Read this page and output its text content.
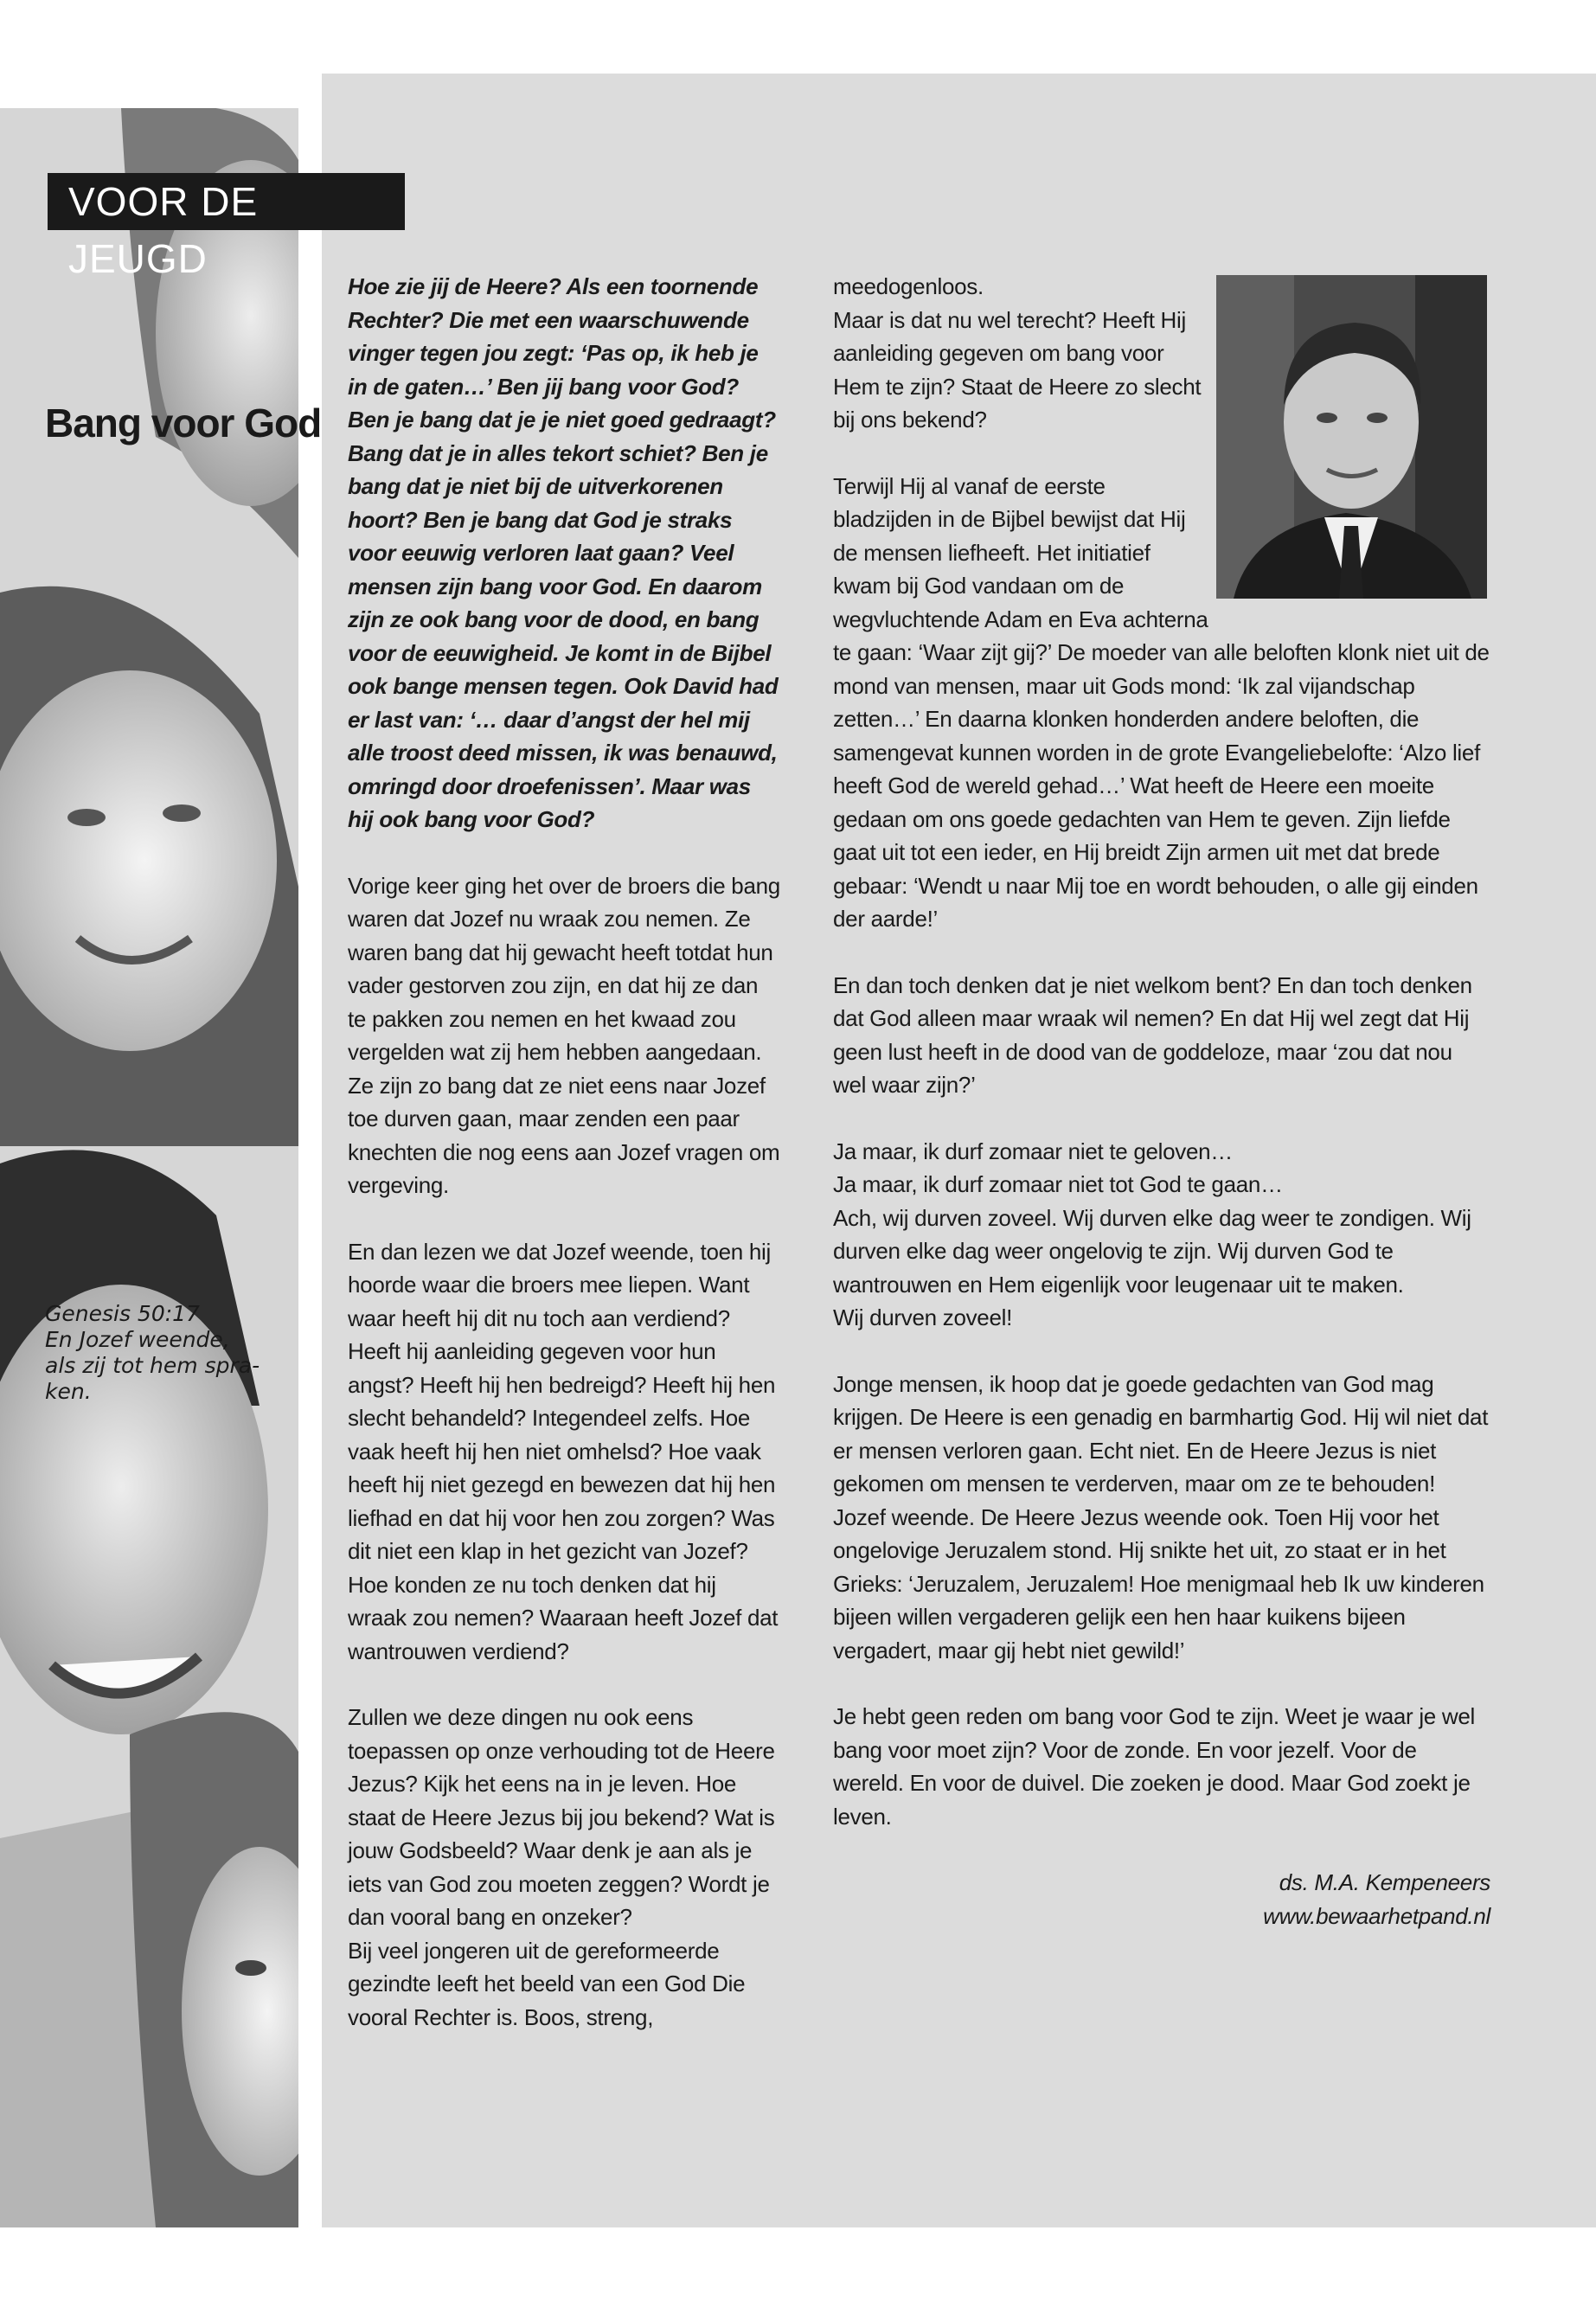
VOOR DE JEUGD
Bang voor God

Genesis 50:17

En Jozef weende,

als zij tot hem spra-

ken.

Hoe zie jij de Heere? Als een toornende Rechter? Die met een waarschuwende vinger tegen jou zegt: ‘Pas op, ik heb je in de gaten…’ Ben jij bang voor God? Ben je bang dat je je niet goed gedraagt? Bang dat je in alles tekort schiet? Ben je bang dat je niet bij de uitverkorenen hoort? Ben je bang dat God je straks voor eeuwig verloren laat gaan? Veel mensen zijn bang voor God. En daarom zijn ze ook bang voor de dood, en bang voor de eeuwigheid. Je komt in de Bijbel ook bange mensen tegen. Ook David had er last van: ‘… daar d’angst der hel mij alle troost deed missen, ik was benauwd, omringd door droefenissen’. Maar was hij ook bang voor God?

Vorige keer ging het over de broers die bang waren dat Jozef nu wraak zou nemen. Ze waren bang dat hij gewacht heeft totdat hun vader gestorven zou zijn, en dat hij ze dan te pakken zou nemen en het kwaad zou vergelden wat zij hem hebben aangedaan. Ze zijn zo bang dat ze niet eens naar Jozef toe durven gaan, maar zenden een paar knechten die nog eens aan Jozef vragen om vergeving.

En dan lezen we dat Jozef weende, toen hij hoorde waar die broers mee liepen. Want waar heeft hij dit nu toch aan verdiend? Heeft hij aanleiding gegeven voor hun angst? Heeft hij hen bedreigd? Heeft hij hen slecht behandeld? Integendeel zelfs. Hoe vaak heeft hij hen niet omhelsd? Hoe vaak heeft hij niet gezegd en bewezen dat hij hen liefhad en dat hij voor hen zou zorgen? Was dit niet een klap in het gezicht van Jozef? Hoe konden ze nu toch denken dat hij wraak zou nemen? Waaraan heeft Jozef dat wantrouwen verdiend?

Zullen we deze dingen nu ook eens toepassen op onze verhouding tot de Heere Jezus? Kijk het eens na in je leven. Hoe staat de Heere Jezus bij jou bekend? Wat is jouw Godsbeeld? Waar denk je aan als je iets van God zou moeten zeggen? Wordt je dan vooral bang en onzeker?

Bij veel jongeren uit de gereformeerde gezindte leeft het beeld van een God Die vooral Rechter is. Boos, streng,

meedogenloos.

Maar is dat nu wel terecht? Heeft Hij aanleiding gegeven om bang voor Hem te zijn? Staat de Heere zo slecht bij ons bekend?

Terwijl Hij al vanaf de eerste bladzijden in de Bijbel bewijst dat Hij de mensen liefheeft. Het initiatief kwam bij God vandaan om de wegvluchtende Adam en Eva achterna te gaan: ‘Waar zijt gij?’ De moeder van alle beloften klonk niet uit de mond van mensen, maar uit Gods mond: ‘Ik zal vijandschap zetten…’ En daarna klonken honderden andere beloften, die samengevat kunnen worden in de grote Evangeliebelofte: ‘Alzo lief heeft God de wereld gehad…’ Wat heeft de Heere een moeite gedaan om ons goede gedachten van Hem te geven. Zijn liefde gaat uit tot een ieder, en Hij breidt Zijn armen uit met dat brede gebaar: ‘Wendt u naar Mij toe en wordt behouden, o alle gij einden der aarde!’

En dan toch denken dat je niet welkom bent? En dan toch denken dat God alleen maar wraak wil nemen? En dat Hij wel zegt dat Hij geen lust heeft in de dood van de goddeloze, maar ‘zou dat nou wel waar zijn?’

Ja maar, ik durf zomaar niet te geloven…

Ja maar, ik durf zomaar niet tot God te gaan…

Ach, wij durven zoveel. Wij durven elke dag weer te zondigen. Wij durven elke dag weer ongelovig te zijn. Wij durven God te wantrouwen en Hem eigenlijk voor leugenaar uit te maken.

Wij durven zoveel!

Jonge mensen, ik hoop dat je goede gedachten van God mag krijgen. De Heere is een genadig en barmhartig God. Hij wil niet dat er mensen verloren gaan. Echt niet. En de Heere Jezus is niet gekomen om mensen te verderven, maar om ze te behouden!

Jozef weende. De Heere Jezus weende ook. Toen Hij voor het ongelovige Jeruzalem stond. Hij snikte het uit, zo staat er in het Grieks: ‘Jeruzalem, Jeruzalem! Hoe menigmaal heb Ik uw kinderen bijeen willen vergaderen gelijk een hen haar kuikens bijeen vergadert, maar gij hebt niet gewild!’

Je hebt geen reden om bang voor God te zijn. Weet je waar je wel bang voor moet zijn? Voor de zonde. En voor jezelf. Voor de wereld. En voor de duivel. Die zoeken je dood. Maar God zoekt je leven.

ds. M.A. Kempeneers
www.bewaarhetpand.nl
